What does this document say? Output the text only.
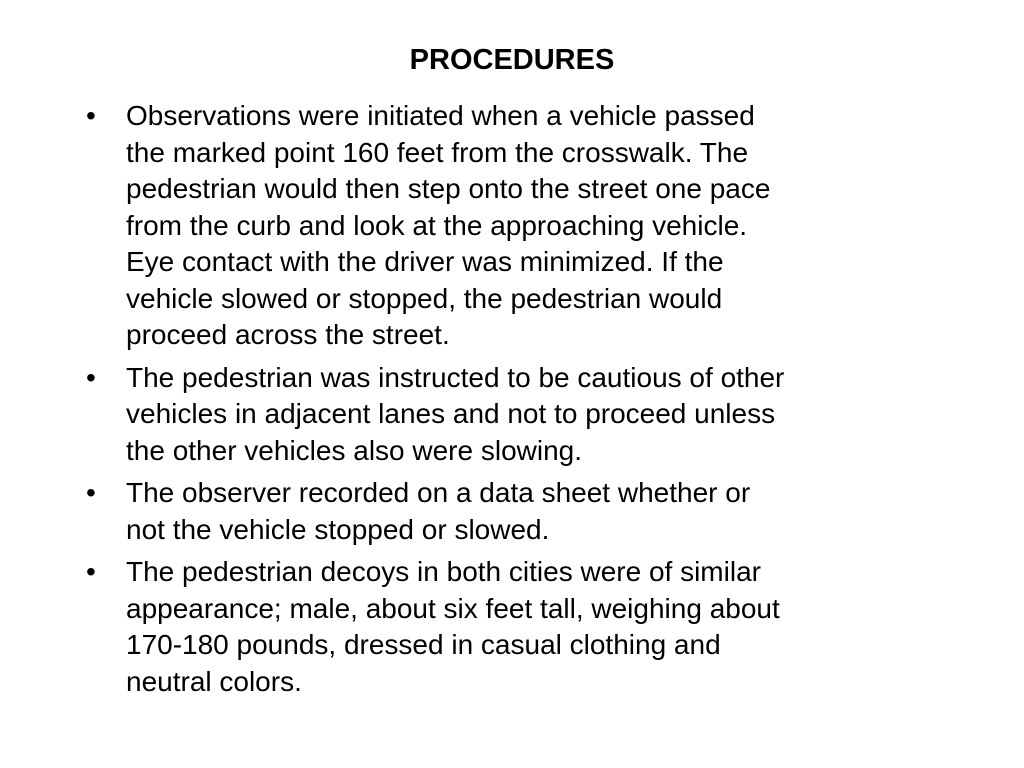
PROCEDURES
•	Observations were initiated when a vehicle passed
the marked point 160 feet from the crosswalk. The
pedestrian would then step onto the street one pace
from the curb and look at the approaching vehicle.
Eye contact with the driver was minimized. If the
vehicle slowed or stopped, the pedestrian would
proceed across the street.
•	The pedestrian was instructed to be cautious of other
vehicles in adjacent lanes and not to proceed unless
the other vehicles also were slowing.
•	The observer recorded on a data sheet whether or
not the vehicle stopped or slowed.
•	The pedestrian decoys in both cities were of similar
appearance; male, about six feet tall, weighing about
170-180 pounds, dressed in casual clothing and
neutral colors.
